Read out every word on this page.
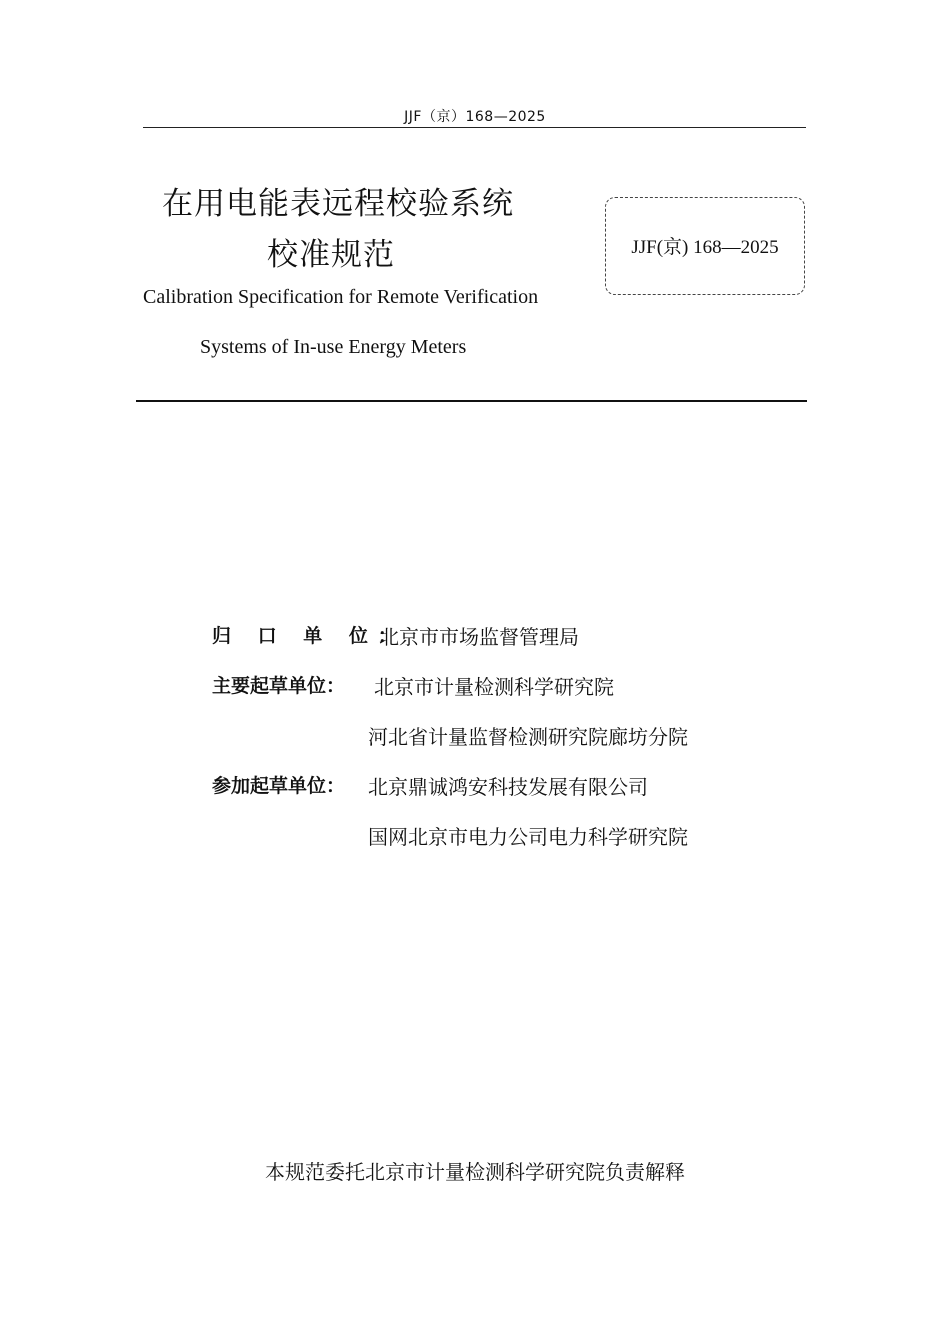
JJF（京）168—2025
在用电能表远程校验系统
校准规范
Calibration Specification for Remote Verification
Systems of In-use Energy Meters
JJF(京) 168—2025
归 口 单 位：
北京市市场监督管理局
主要起草单位： 北京市计量检测科学研究院
河北省计量监督检测研究院廊坊分院
参加起草单位： 北京鼎诚鸿安科技发展有限公司
国网北京市电力公司电力科学研究院
本规范委托北京市计量检测科学研究院负责解释
